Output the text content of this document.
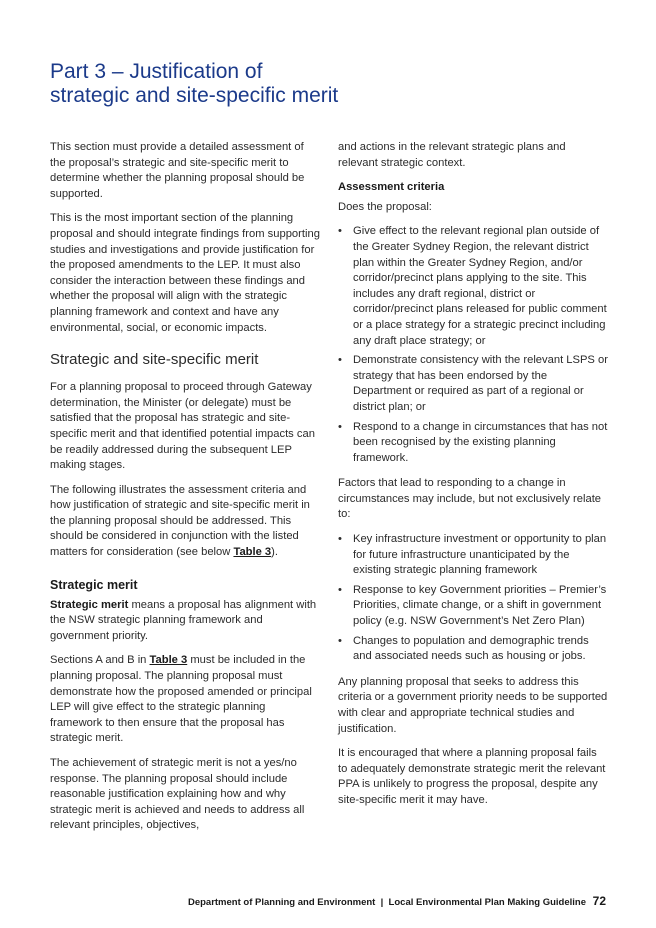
Part 3 – Justification of strategic and site-specific merit

This section must provide a detailed assessment of the proposal’s strategic and site-specific merit to determine whether the planning proposal should be supported.

This is the most important section of the planning proposal and should integrate findings from supporting studies and investigations and provide justification for the proposed amendments to the LEP. It must also consider the interaction between these findings and whether the proposal will align with the strategic planning framework and context and have any environmental, social, or economic impacts.

Strategic and site-specific merit

For a planning proposal to proceed through Gateway determination, the Minister (or delegate) must be satisfied that the proposal has strategic and site-specific merit and that identified potential impacts can be readily addressed during the subsequent LEP making stages.

The following illustrates the assessment criteria and how justification of strategic and site-specific merit in the planning proposal should be addressed. This should be considered in conjunction with the listed matters for consideration (see below Table 3).

Strategic merit

Strategic merit means a proposal has alignment with the NSW strategic planning framework and government priority.

Sections A and B in Table 3 must be included in the planning proposal. The planning proposal must demonstrate how the proposed amended or principal LEP will give effect to the strategic planning framework to then ensure that the proposal has strategic merit.

The achievement of strategic merit is not a yes/no response. The planning proposal should include reasonable justification explaining how and why strategic merit is achieved and needs to address all relevant principles, objectives,

and actions in the relevant strategic plans and relevant strategic context.

Assessment criteria

Does the proposal:

• Give effect to the relevant regional plan outside of the Greater Sydney Region, the relevant district plan within the Greater Sydney Region, and/or corridor/precinct plans applying to the site. This includes any draft regional, district or corridor/precinct plans released for public comment or a place strategy for a strategic precinct including any draft place strategy; or
• Demonstrate consistency with the relevant LSPS or strategy that has been endorsed by the Department or required as part of a regional or district plan; or
• Respond to a change in circumstances that has not been recognised by the existing planning framework.

Factors that lead to responding to a change in circumstances may include, but not exclusively relate to:

• Key infrastructure investment or opportunity to plan for future infrastructure unanticipated by the existing strategic planning framework
• Response to key Government priorities – Premier’s Priorities, climate change, or a shift in government policy (e.g. NSW Government’s Net Zero Plan)
• Changes to population and demographic trends and associated needs such as housing or jobs.

Any planning proposal that seeks to address this criteria or a government priority needs to be supported with clear and appropriate technical studies and justification.

It is encouraged that where a planning proposal fails to adequately demonstrate strategic merit the relevant PPA is unlikely to progress the proposal, despite any site-specific merit it may have.

Department of Planning and Environment  |  Local Environmental Plan Making Guideline 72
